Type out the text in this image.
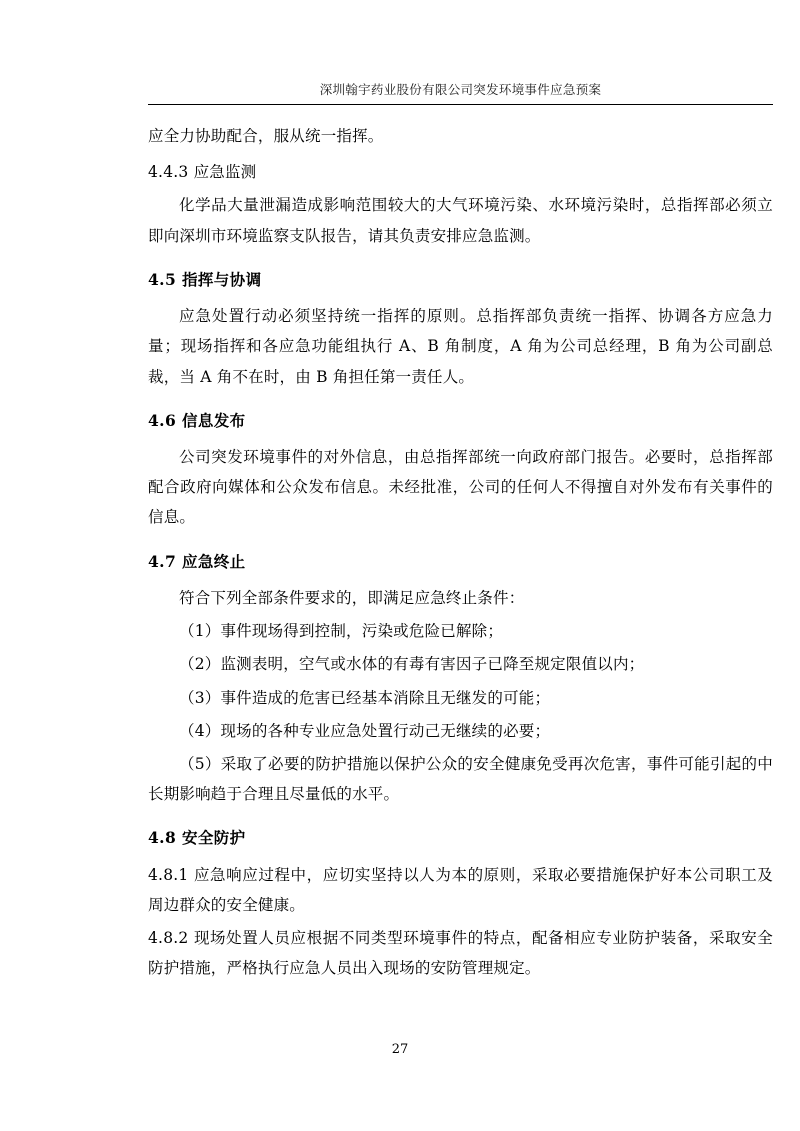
深圳翰宇药业股份有限公司突发环境事件应急预案

应全力协助配合，服从统一指挥。

4.4.3 应急监测

化学品大量泄漏造成影响范围较大的大气环境污染、水环境污染时，总指挥部必须立即向深圳市环境监察支队报告，请其负责安排应急监测。

4.5 指挥与协调

应急处置行动必须坚持统一指挥的原则。总指挥部负责统一指挥、协调各方应急力量；现场指挥和各应急功能组执行 A、B 角制度，A 角为公司总经理，B 角为公司副总裁，当 A 角不在时，由 B 角担任第一责任人。

4.6 信息发布

公司突发环境事件的对外信息，由总指挥部统一向政府部门报告。必要时，总指挥部配合政府向媒体和公众发布信息。未经批准，公司的任何人不得擅自对外发布有关事件的信息。

4.7 应急终止

符合下列全部条件要求的，即满足应急终止条件：

（1）事件现场得到控制，污染或危险已解除；

（2）监测表明，空气或水体的有毒有害因子已降至规定限值以内；

（3）事件造成的危害已经基本消除且无继发的可能；

（4）现场的各种专业应急处置行动己无继续的必要；

（5）采取了必要的防护措施以保护公众的安全健康免受再次危害，事件可能引起的中长期影响趋于合理且尽量低的水平。

4.8 安全防护

4.8.1 应急响应过程中，应切实坚持以人为本的原则，采取必要措施保护好本公司职工及周边群众的安全健康。

4.8.2 现场处置人员应根据不同类型环境事件的特点，配备相应专业防护装备，采取安全防护措施，严格执行应急人员出入现场的安防管理规定。

27
